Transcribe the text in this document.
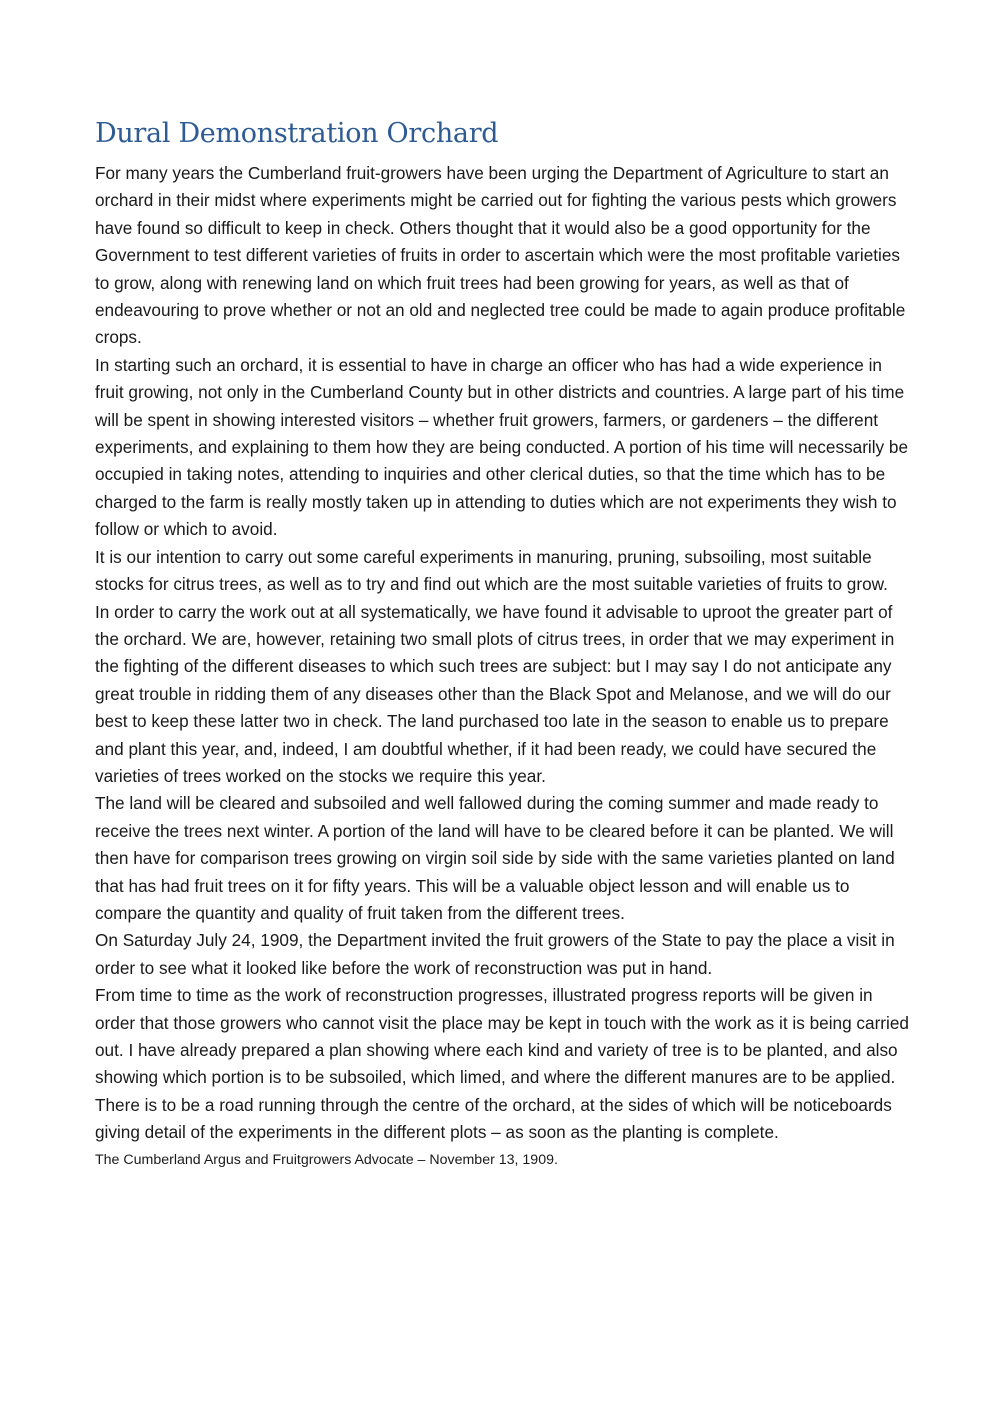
Dural Demonstration Orchard

For many years the Cumberland fruit-growers have been urging the Department of Agriculture to start an orchard in their midst where experiments might be carried out for fighting the various pests which growers have found so difficult to keep in check. Others thought that it would also be a good opportunity for the Government to test different varieties of fruits in order to ascertain which were the most profitable varieties to grow, along with renewing land on which fruit trees had been growing for years, as well as that of endeavouring to prove whether or not an old and neglected tree could be made to again produce profitable crops.

In starting such an orchard, it is essential to have in charge an officer who has had a wide experience in fruit growing, not only in the Cumberland County but in other districts and countries. A large part of his time will be spent in showing interested visitors – whether fruit growers, farmers, or gardeners – the different experiments, and explaining to them how they are being conducted. A portion of his time will necessarily be occupied in taking notes, attending to inquiries and other clerical duties, so that the time which has to be charged to the farm is really mostly taken up in attending to duties which are not experiments they wish to follow or which to avoid.

It is our intention to carry out some careful experiments in manuring, pruning, subsoiling, most suitable stocks for citrus trees, as well as to try and find out which are the most suitable varieties of fruits to grow.

In order to carry the work out at all systematically, we have found it advisable to uproot the greater part of the orchard. We are, however, retaining two small plots of citrus trees, in order that we may experiment in the fighting of the different diseases to which such trees are subject: but I may say I do not anticipate any great trouble in ridding them of any diseases other than the Black Spot and Melanose, and we will do our best to keep these latter two in check. The land purchased too late in the season to enable us to prepare and plant this year, and, indeed, I am doubtful whether, if it had been ready, we could have secured the varieties of trees worked on the stocks we require this year.

The land will be cleared and subsoiled and well fallowed during the coming summer and made ready to receive the trees next winter. A portion of the land will have to be cleared before it can be planted. We will then have for comparison trees growing on virgin soil side by side with the same varieties planted on land that has had fruit trees on it for fifty years. This will be a valuable object lesson and will enable us to compare the quantity and quality of fruit taken from the different trees.

On Saturday July 24, 1909, the Department invited the fruit growers of the State to pay the place a visit in order to see what it looked like before the work of reconstruction was put in hand.

From time to time as the work of reconstruction progresses, illustrated progress reports will be given in order that those growers who cannot visit the place may be kept in touch with the work as it is being carried out. I have already prepared a plan showing where each kind and variety of tree is to be planted, and also showing which portion is to be subsoiled, which limed, and where the different manures are to be applied.

There is to be a road running through the centre of the orchard, at the sides of which will be noticeboards giving detail of the experiments in the different plots – as soon as the planting is complete.

The Cumberland Argus and Fruitgrowers Advocate – November 13, 1909.
